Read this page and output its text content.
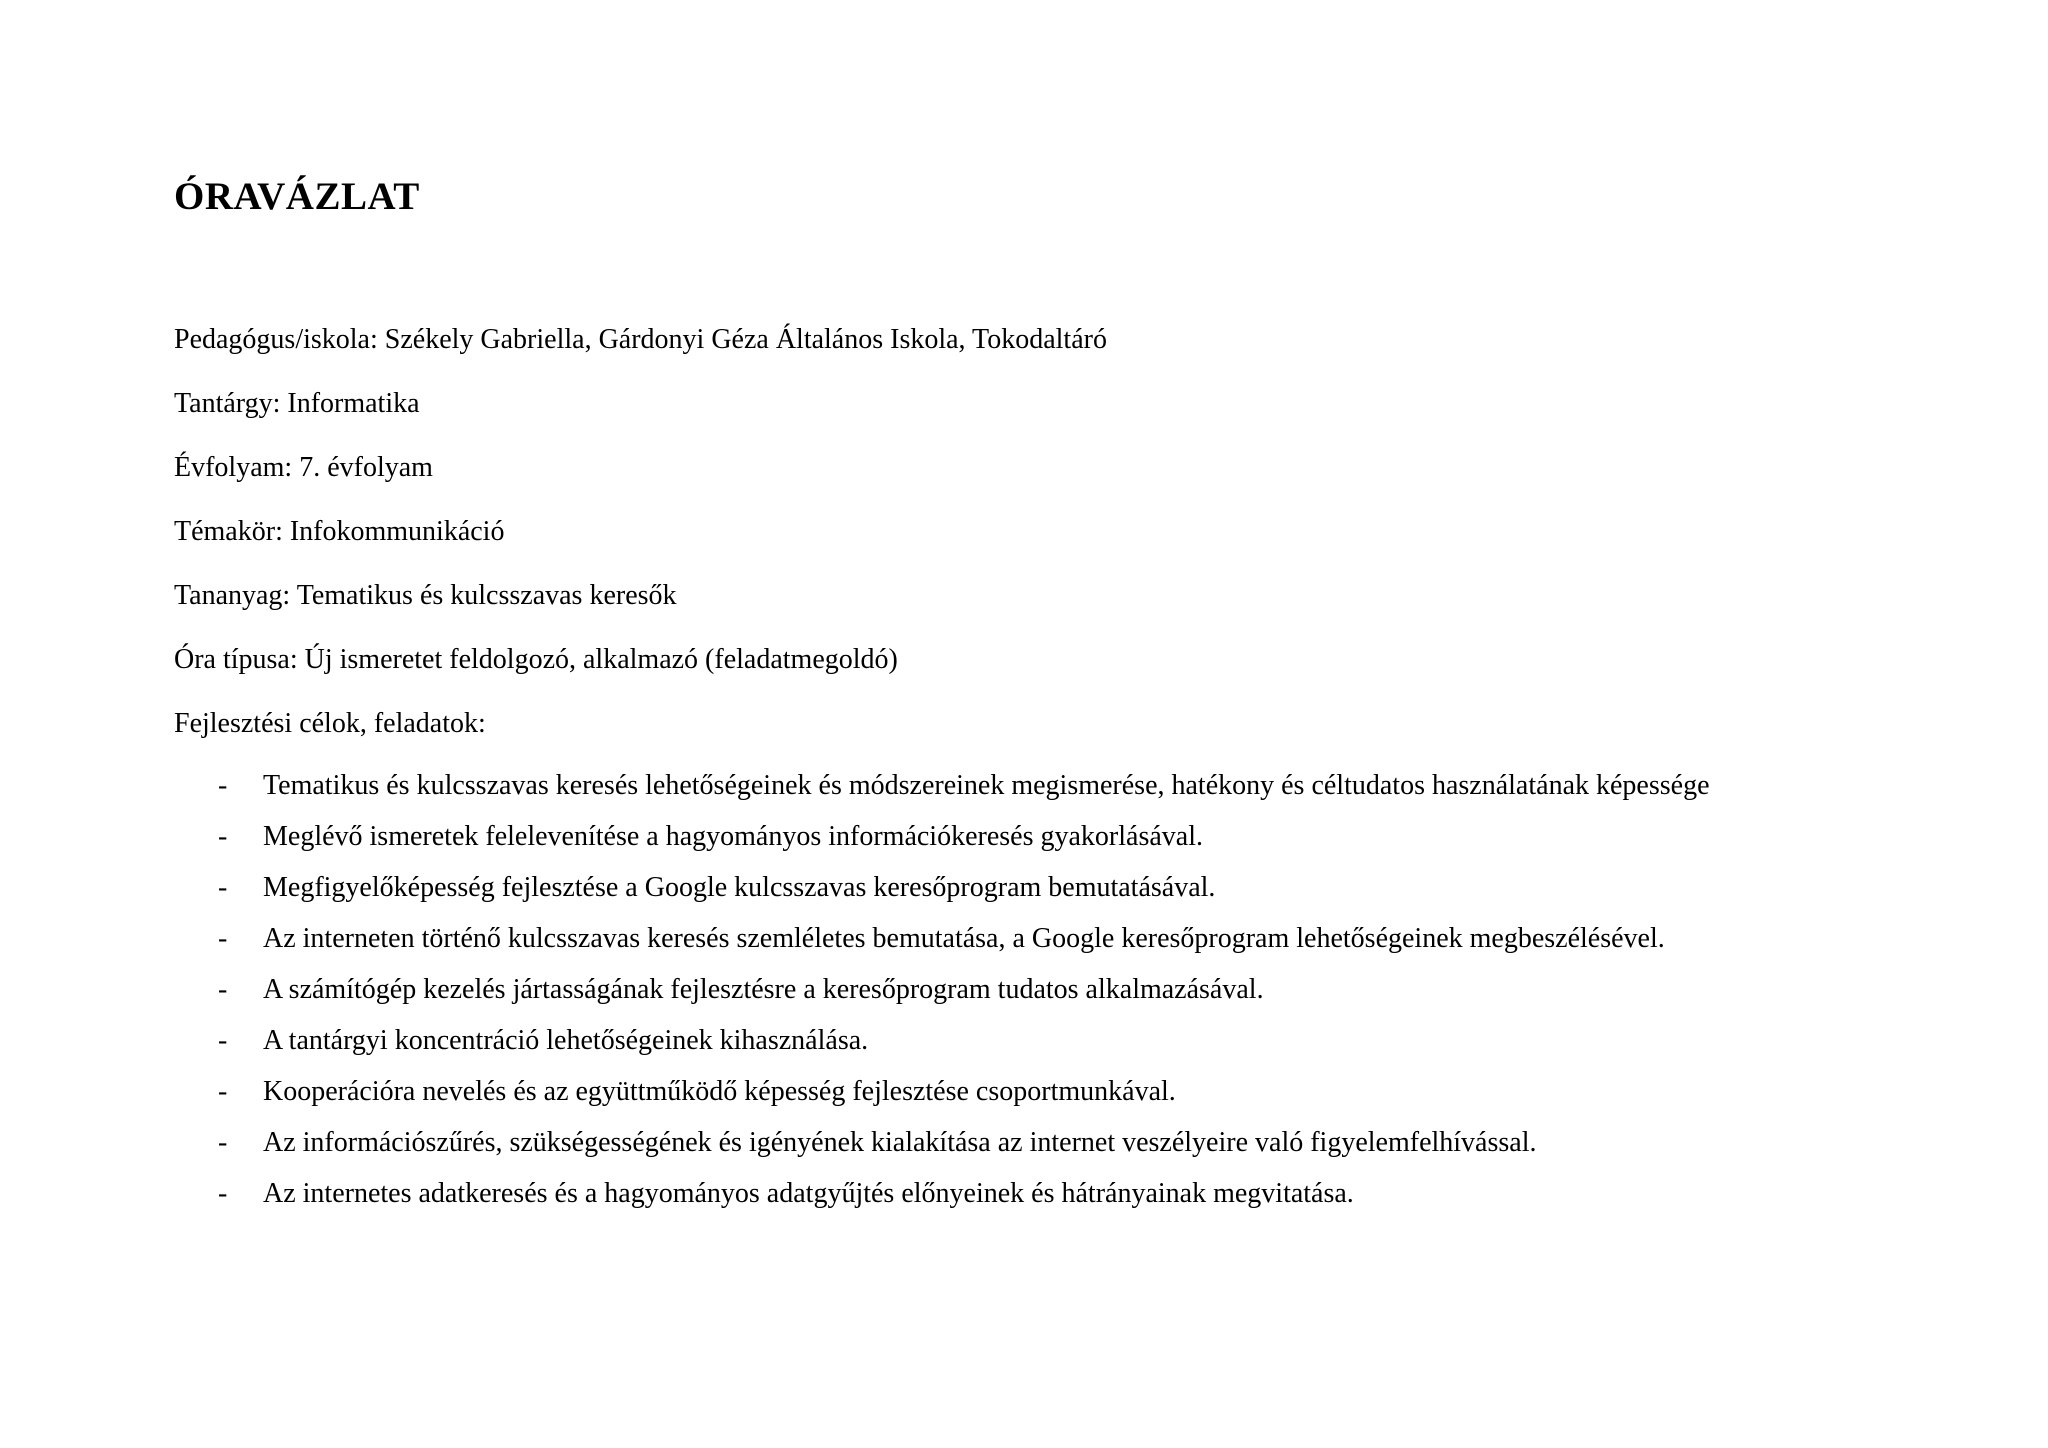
ÓRAVÁZLAT

Pedagógus/iskola: Székely Gabriella, Gárdonyi Géza Általános Iskola, Tokodaltáró

Tantárgy: Informatika

Évfolyam: 7. évfolyam

Témakör: Infokommunikáció

Tananyag: Tematikus és kulcsszavas keresők

Óra típusa: Új ismeretet feldolgozó, alkalmazó (feladatmegoldó)

Fejlesztési célok, feladatok:

- Tematikus és kulcsszavas keresés lehetőségeinek és módszereinek megismerése, hatékony és céltudatos használatának képessége
- Meglévő ismeretek felelevenítése a hagyományos információkeresés gyakorlásával.
- Megfigyelőképesség fejlesztése a Google kulcsszavas keresőprogram bemutatásával.
- Az interneten történő kulcsszavas keresés szemléletes bemutatása, a Google keresőprogram lehetőségeinek megbeszélésével.
- A számítógép kezelés jártasságának fejlesztésre a keresőprogram tudatos alkalmazásával.
- A tantárgyi koncentráció lehetőségeinek kihasználása.
- Kooperációra nevelés és az együttműködő képesség fejlesztése csoportmunkával.
- Az információszűrés, szükségességének és igényének kialakítása az internet veszélyeire való figyelemfelhívással.
- Az internetes adatkeresés és a hagyományos adatgyűjtés előnyeinek és hátrányainak megvitatása.
